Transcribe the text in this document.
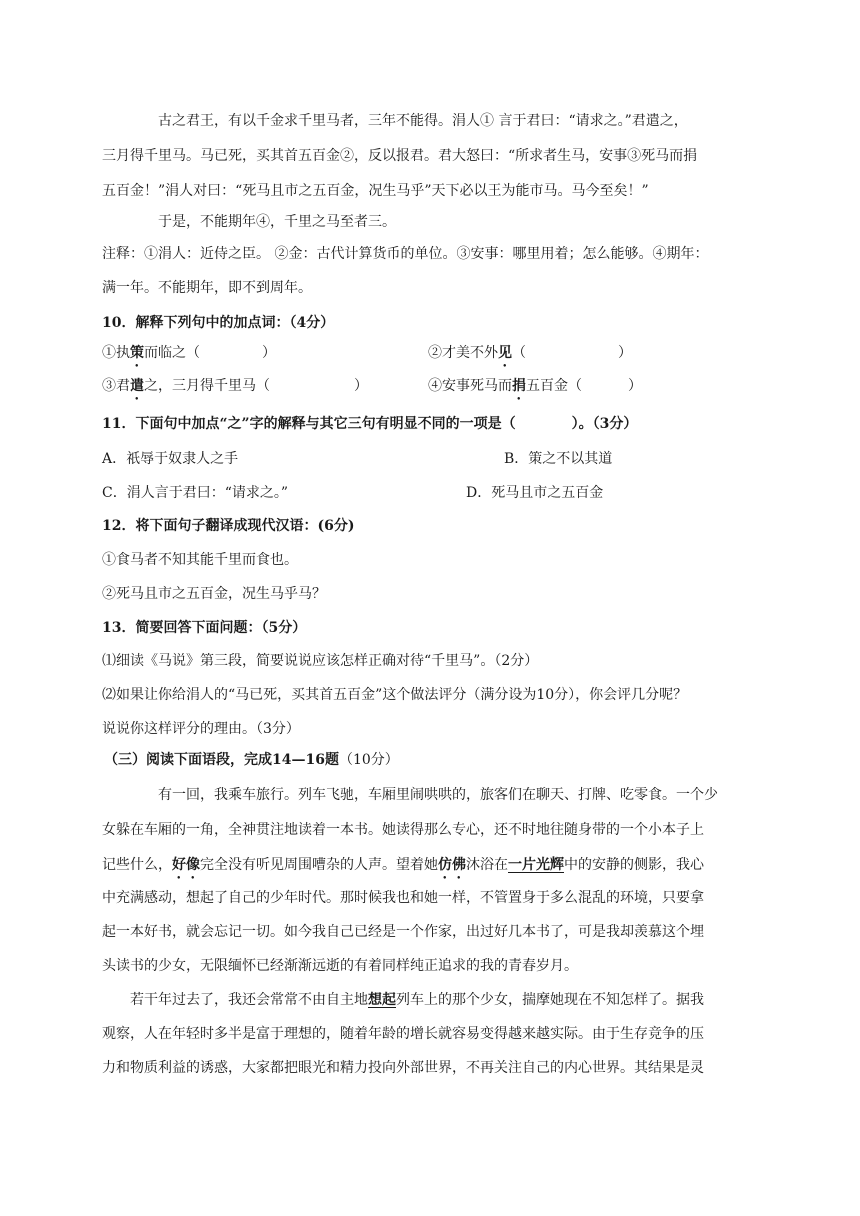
古之君王，有以千金求千里马者，三年不能得。涓人① 言于君曰：“请求之。”君遣之，
三月得千里马。马已死，买其首五百金②，反以报君。君大怒曰：“所求者生马，安事③死马而捐
五百金！”涓人对曰：“死马且市之五百金，况生马乎”天下必以王为能市马。马今至矣！”
于是，不能期年④，千里之马至者三。
注释：①涓人：近侍之臣。 ②金：古代计算货币的单位。③安事：哪里用着；怎么能够。④期年：
满一年。不能期年，即不到周年。
10．解释下列句中的加点词：（4分）
①执策而临之（	）	②才美不外见（	）
③君遣之，三月得千里马（	）	④安事死马而捐五百金（	）
11．下面句中加点“之”字的解释与其它三句有明显不同的一项是（　　　　）。（3分）
A．祇辱于奴隶人之手	B．策之不以其道
C．涓人言于君曰：“请求之。”	D．死马且市之五百金
12．将下面句子翻译成现代汉语：(6分)
①食马者不知其能千里而食也。
②死马且市之五百金，况生马乎马？
13．简要回答下面问题：（5分）
⑴细读《马说》第三段，简要说说应该怎样正确对待“千里马”。（2分）
⑵如果让你给涓人的“马已死，买其首五百金”这个做法评分（满分设为10分），你会评几分呢？
说说你这样评分的理由。（3分）
（三）阅读下面语段，完成14—16题（10分）
有一回，我乘车旅行。列车飞驰，车厢里闹哄哄的，旅客们在聊天、打牌、吃零食。一个少
女躲在车厢的一角，全神贯注地读着一本书。她读得那么专心，还不时地往随身带的一个小本子上
记些什么，好像完全没有听见周围嘈杂的人声。望着她仿佛沐浴在一片光辉中的安静的侧影，我心
中充满感动，想起了自己的少年时代。那时候我也和她一样，不管置身于多么混乱的环境，只要拿
起一本好书，就会忘记一切。如今我自己已经是一个作家，出过好几本书了，可是我却羡慕这个埋
头读书的少女，无限缅怀已经渐渐远逝的有着同样纯正追求的我的青春岁月。
若干年过去了，我还会常常不由自主地想起列车上的那个少女，揣摩她现在不知怎样了。据我
观察，人在年轻时多半是富于理想的，随着年龄的增长就容易变得越来越实际。由于生存竞争的压
力和物质利益的诱惑，大家都把眼光和精力投向外部世界，不再关注自己的内心世界。其结果是灵
